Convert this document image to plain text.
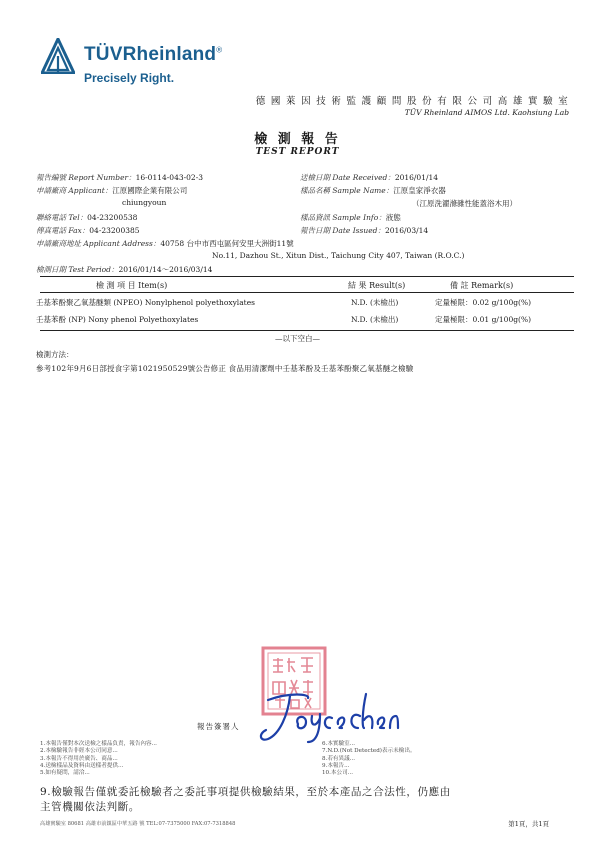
TÜVRheinland®
Precisely Right.
德 國 萊 因 技 術 監 護 顧 問 股 份 有 限 公 司 高 雄 實 驗 室
TÜV Rheinland AIMOS Ltd. Kaohsiung Lab
檢 測 報 告
TEST REPORT
報告編號 Report Number：16-0114-043-02-3	送檢日期 Date Received：2016/01/14
申請廠商 Applicant：江原國際企業有限公司	樣品名稱 Sample Name：江原皇家淨衣器
chiungyoun	（江原洗濯滌雜性能蓋浴木用）
聯絡電話 Tel：04-23200538	樣品資訊 Sample Info：液態
傳真電話 Fax：04-23200385	報告日期 Date Issued：2016/03/14
申請廠商地址 Applicant Address：40758 台中市西屯區何安里大洲街11號
No.11, Dazhou St., Xitun Dist., Taichung City 407, Taiwan (R.O.C.)
檢測日期 Test Period：2016/01/14～2016/03/14
檢 測 項 目 Item(s)	結 果 Result(s)	備 註 Remark(s)
壬基苯酚聚乙氧基醚類 (NPEO) Nonylphenol polyethoxylates	N.D. (未檢出)	定量極限：0.02 g/100g(%)
壬基苯酚 (NP) Nony phenol Polyethoxylates	N.D. (未檢出)	定量極限：0.01 g/100g(%)
—以下空白—
檢測方法：
參考102年9月6日部授食字第1021950529號公告修正 食品用清潔劑中壬基苯酚及壬基苯酚聚乙氧基醚之檢驗
報告簽署人
1.本報告僅對本次送檢之樣品負責，報告內容...
2.本檢驗報告非經本公司同意...
3.本報告不得用於廣告、商品...
4.送檢樣品及資料由送樣者提供...
5.如有疑問，請洽...
6.本實驗室...
7.N.D.(Not Detected)表示未檢出。
8.若有異議...
9.本報告...
10.本公司...
9.檢驗報告僅就委託檢驗者之委託事項提供檢驗結果，至於本產品之合法性，仍應由
主管機關依法判斷。
高雄實驗室 80681 高雄市前鎮區中華五路 號 TEL:07-7375000 FAX:07-7318848	第1頁，共1頁
